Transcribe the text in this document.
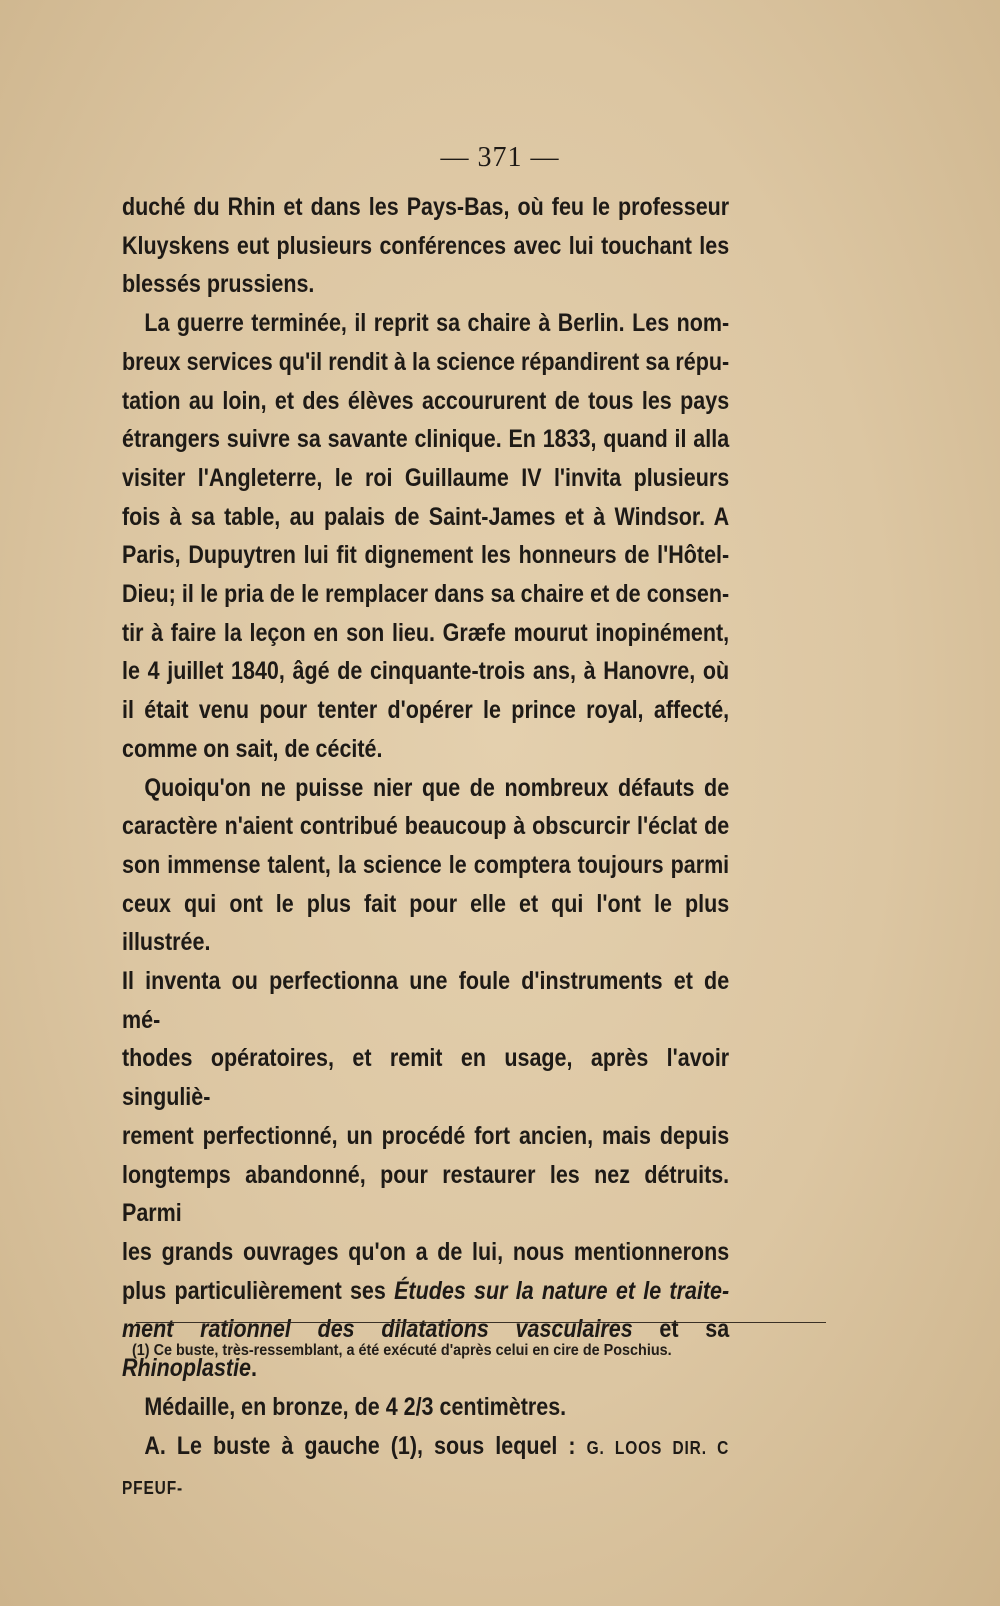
— 371 —

duché du Rhin et dans les Pays-Bas, où feu le professeur
Kluyskens eut plusieurs conférences avec lui touchant les

blessés prussiens.

La guerre terminée, il reprit sa chaire à Berlin. Les nom-

breux services qu'il rendit à la science répandirent sa répu-
tation au loin, et des élèves accoururent de tous les pays
étrangers suivre sa savante clinique. En 1833, quand il alla
visiter l'Angleterre, le roi Guillaume IV l'invita plusieurs
fois à sa table, au palais de Saint-James et à Windsor. A
Paris, Dupuytren lui fit dignement les honneurs de l'Hôtel-
Dieu; il le pria de le remplacer dans sa chaire et de consen-
tir à faire la leçon en son lieu. Græfe mourut inopinément,
le 4 juillet 1840, âgé de cinquante-trois ans, à Hanovre, où
il était venu pour tenter d'opérer le prince royal, affecté,

comme on sait, de cécité.

Quoiqu'on ne puisse nier que de nombreux défauts de

caractère n'aient contribué beaucoup à obscurcir l'éclat de
son immense talent, la science le comptera toujours parmi
ceux qui ont le plus fait pour elle et qui l'ont le plus illustrée.
Il inventa ou perfectionna une foule d'instruments et de mé-
thodes opératoires, et remit en usage, après l'avoir singuliè-
rement perfectionné, un procédé fort ancien, mais depuis
longtemps abandonné, pour restaurer les nez détruits. Parmi
les grands ouvrages qu'on a de lui, nous mentionnerons
plus particulièrement ses Études sur la nature et le traite-
ment rationnel des dilatations vasculaires et sa Rhinoplastie.

Médaille, en bronze, de 4 2/3 centimètres.

A. Le buste à gauche (1), sous lequel : G. LOOS DIR. C PFEUF-

(1) Ce buste, très-ressemblant, a été exécuté d'après celui en cire de Poschius.
